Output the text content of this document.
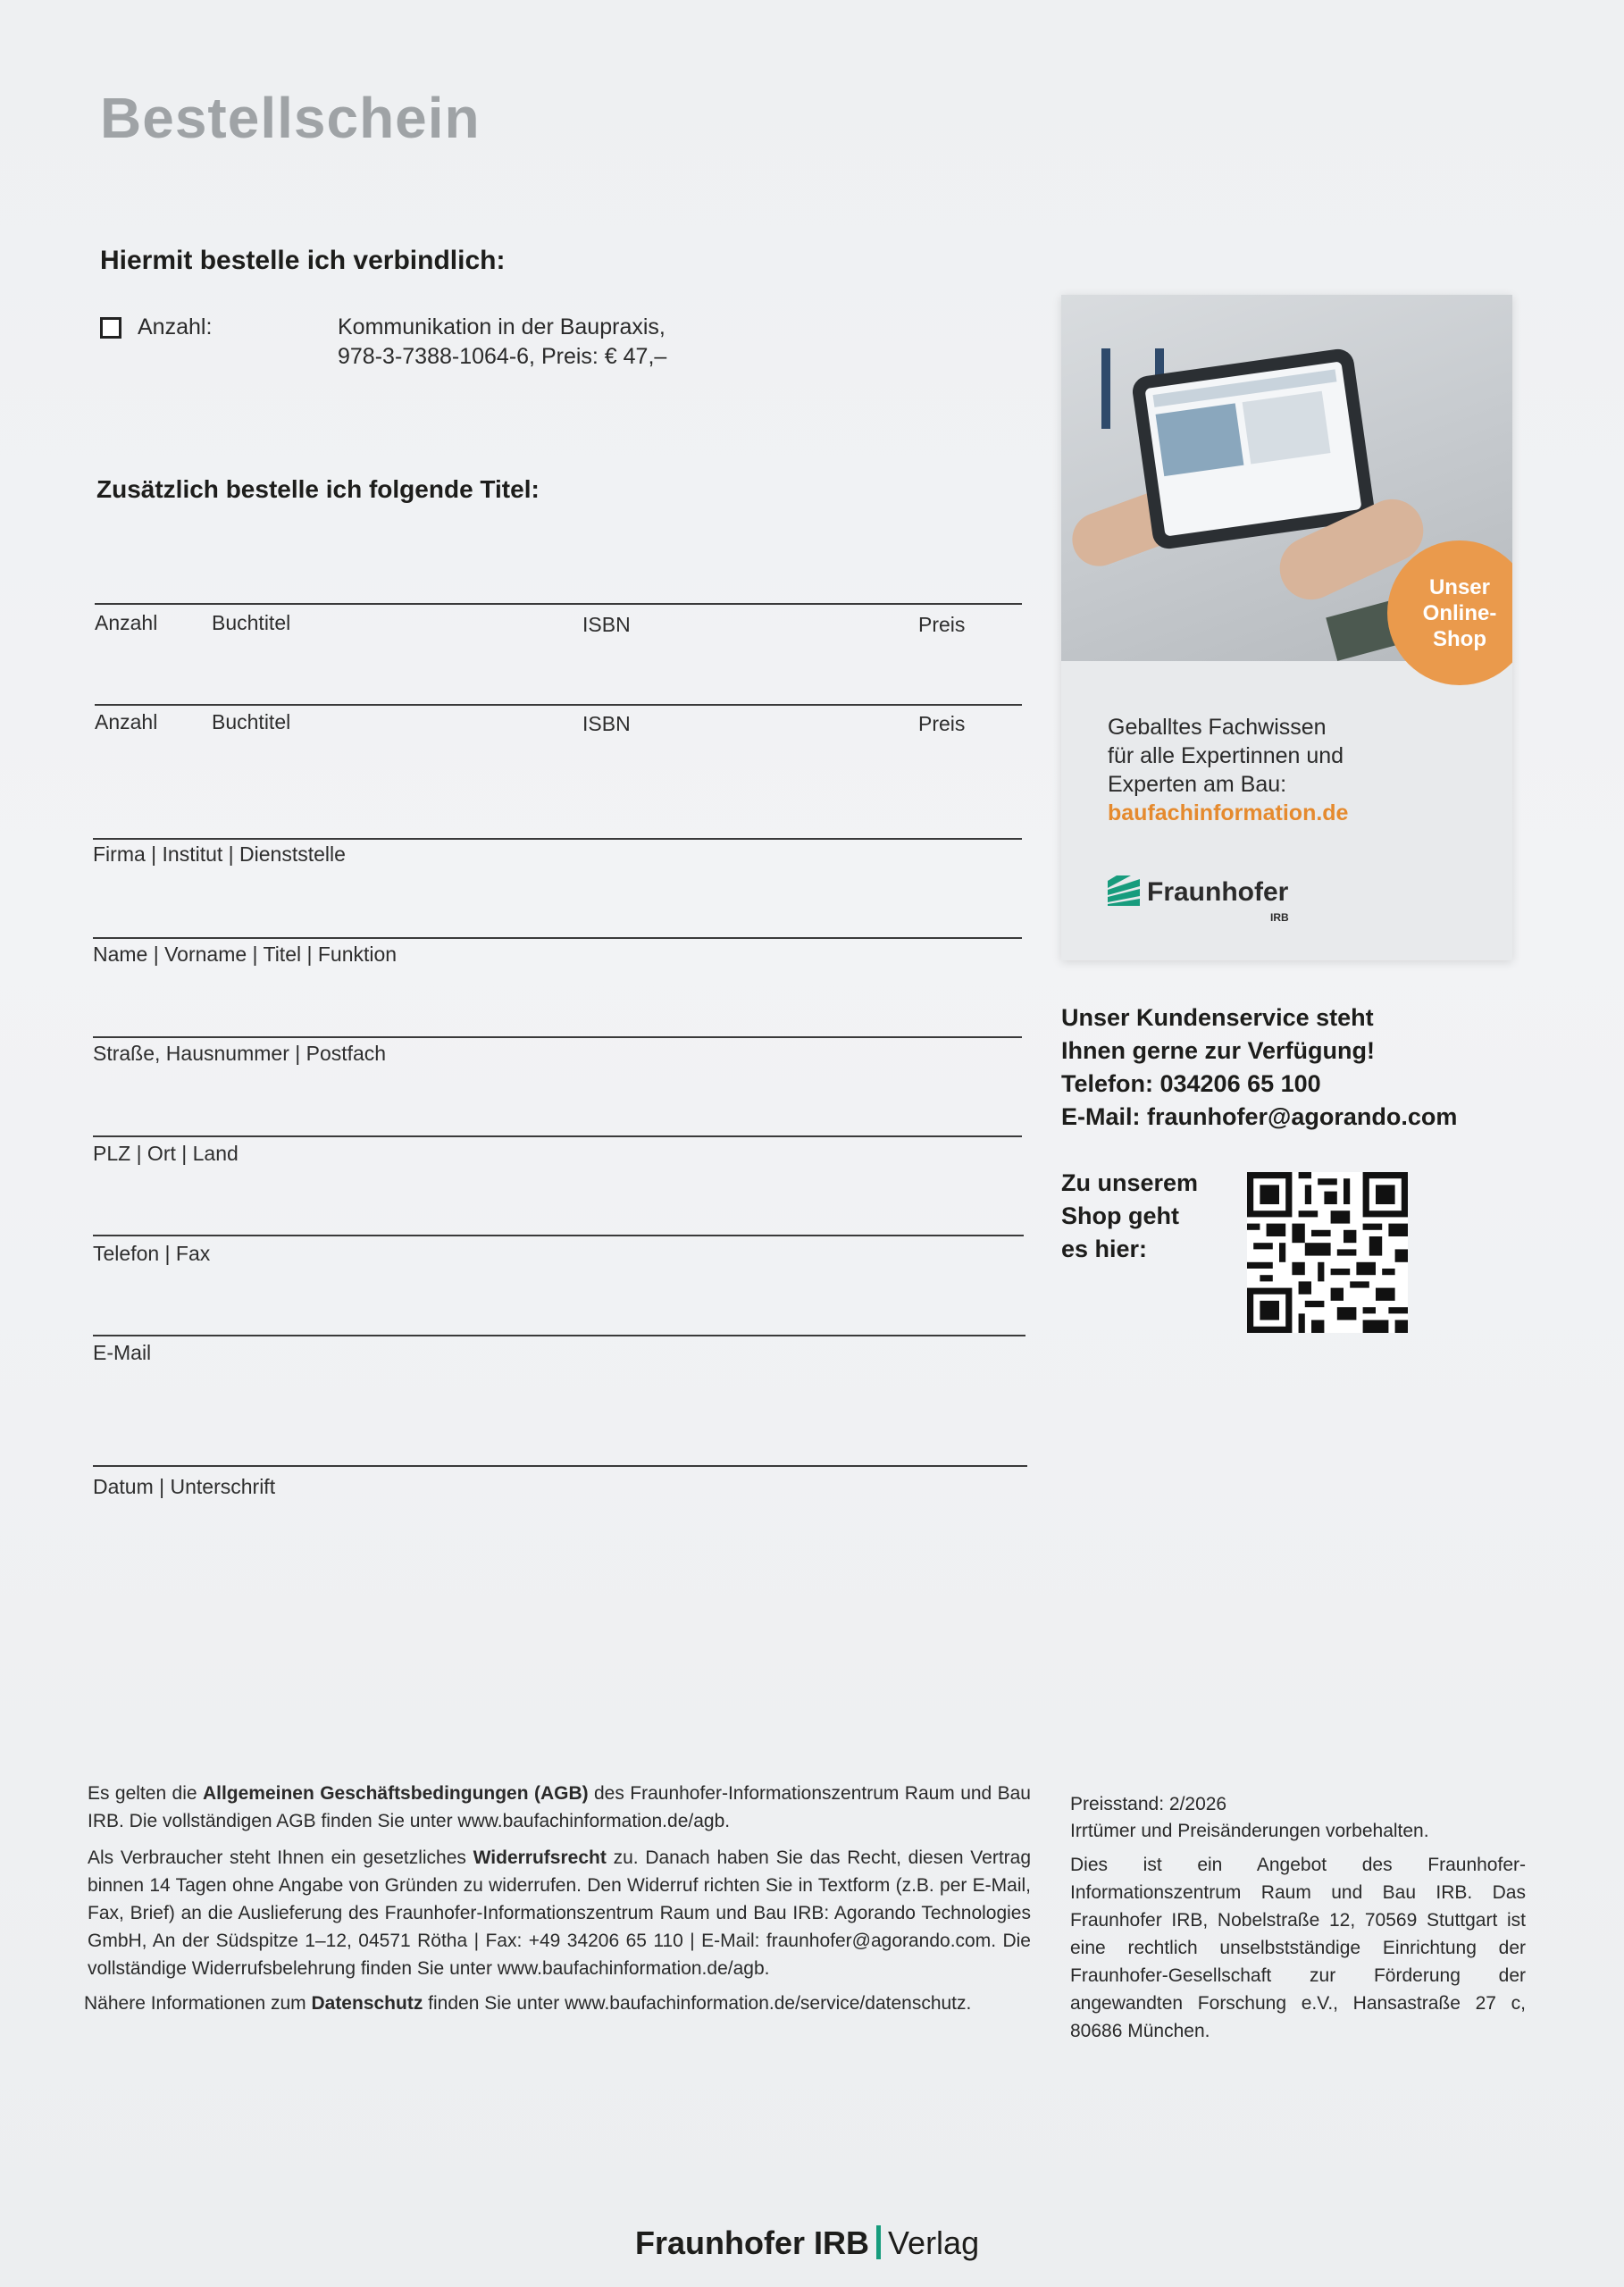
Bestellschein
Hiermit bestelle ich verbindlich:
Anzahl:	Kommunikation in der Baupraxis,
978-3-7388-1064-6, Preis: € 47,–
Zusätzlich bestelle ich folgende Titel:
Anzahl	Buchtitel	ISBN	Preis
Anzahl	Buchtitel	ISBN	Preis
Firma | Institut | Dienststelle
Name | Vorname | Titel | Funktion
Straße, Hausnummer | Postfach
PLZ | Ort | Land
Telefon | Fax
E-Mail
Datum | Unterschrift
Unser
Online-
Shop
Geballtes Fachwissen
für alle Expertinnen und
Experten am Bau:
baufachinformation.de
Fraunhofer
IRB
Unser Kundenservice steht
Ihnen gerne zur Verfügung!
Telefon: 034206 65 100
E-Mail: fraunhofer@agorando.com
Zu unserem
Shop geht
es hier:
Es gelten die Allgemeinen Geschäftsbedingungen (AGB) des Fraunhofer-Informationszentrum Raum und Bau IRB. Die vollständigen AGB finden Sie unter www.baufachinformation.de/agb.
Als Verbraucher steht Ihnen ein gesetzliches Widerrufsrecht zu. Danach haben Sie das Recht, diesen Vertrag binnen 14 Tagen ohne Angabe von Gründen zu widerrufen. Den Widerruf richten Sie in Textform (z.B. per E-Mail, Fax, Brief) an die Auslieferung des Fraunhofer-Informationszentrum Raum und Bau IRB: Agorando Technologies GmbH, An der Südspitze 1–12, 04571 Rötha | Fax: +49 34206 65 110 | E-Mail: fraunhofer@agorando.com. Die vollständige Widerrufsbelehrung finden Sie unter www.baufachinformation.de/agb.
Nähere Informationen zum Datenschutz finden Sie unter www.baufachinformation.de/service/datenschutz.
Preisstand: 2/2026
Irrtümer und Preisänderungen vorbehalten.
Dies ist ein Angebot des Fraunhofer-Informationszentrum Raum und Bau IRB. Das Fraunhofer IRB, Nobelstraße 12, 70569 Stuttgart ist eine rechtlich unselbstständige Einrichtung der Fraunhofer-Gesellschaft zur Förderung der angewandten Forschung e.V., Hansastraße 27 c, 80686 München.
Fraunhofer IRB Verlag
